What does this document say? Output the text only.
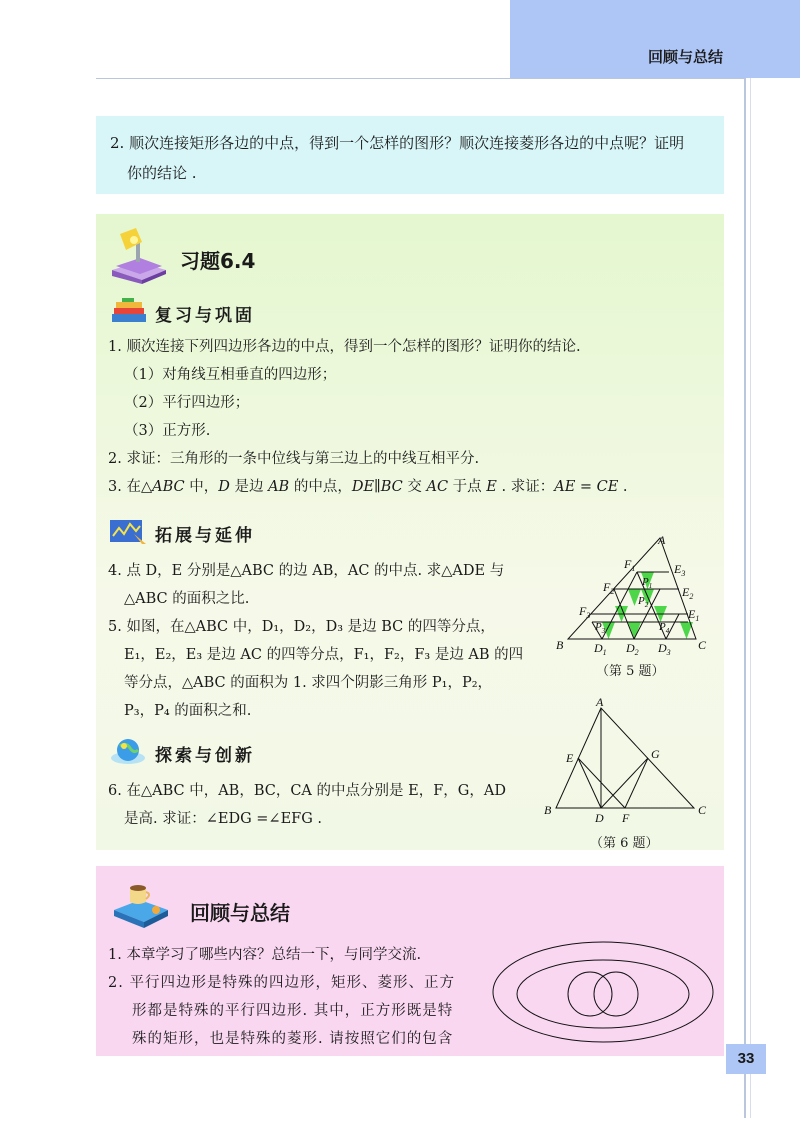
回顾与总结
2. 顺次连接矩形各边的中点，得到一个怎样的图形？顺次连接菱形各边的中点呢？证明
你的结论 .
习题6.4
复习与巩固
1. 顺次连接下列四边形各边的中点，得到一个怎样的图形？证明你的结论.
（1）对角线互相垂直的四边形；
（2）平行四边形；
（3）正方形.
2. 求证：三角形的一条中位线与第三边上的中线互相平分.
3. 在△ABC 中，D 是边 AB 的中点，DE∥BC 交 AC 于点 E . 求证：AE = CE .
拓展与延伸
4. 点 D，E 分别是△ABC 的边 AB，AC 的中点. 求△ADE 与
△ABC 的面积之比.
5. 如图，在△ABC 中，D₁，D₂，D₃ 是边 BC 的四等分点，
E₁，E₂，E₃ 是边 AC 的四等分点，F₁，F₂，F₃ 是边 AB 的四
等分点，△ABC 的面积为 1. 求四个阴影三角形 P₁，P₂，
P₃，P₄ 的面积之和.
A
B	C
$F_1$
$F_2$
$F_3$
$E_3$
$E_2$
$E_1$
$D_1$ $D_2$ $D_3$
$P_1$
$P_2$
$P_3$	$P_4$
（第 5 题）
探索与创新
6. 在△ABC 中，AB，BC，CA 的中点分别是 E，F，G，AD
是高. 求证：∠EDG =∠EFG .
A
B	C
D
E
F
G
（第 6 题）
回顾与总结
1. 本章学习了哪些内容？总结一下，与同学交流.
2. 平行四边形是特殊的四边形，矩形、菱形、正方
形都是特殊的平行四边形. 其中，正方形既是特
殊的矩形，也是特殊的菱形. 请按照它们的包含
33
